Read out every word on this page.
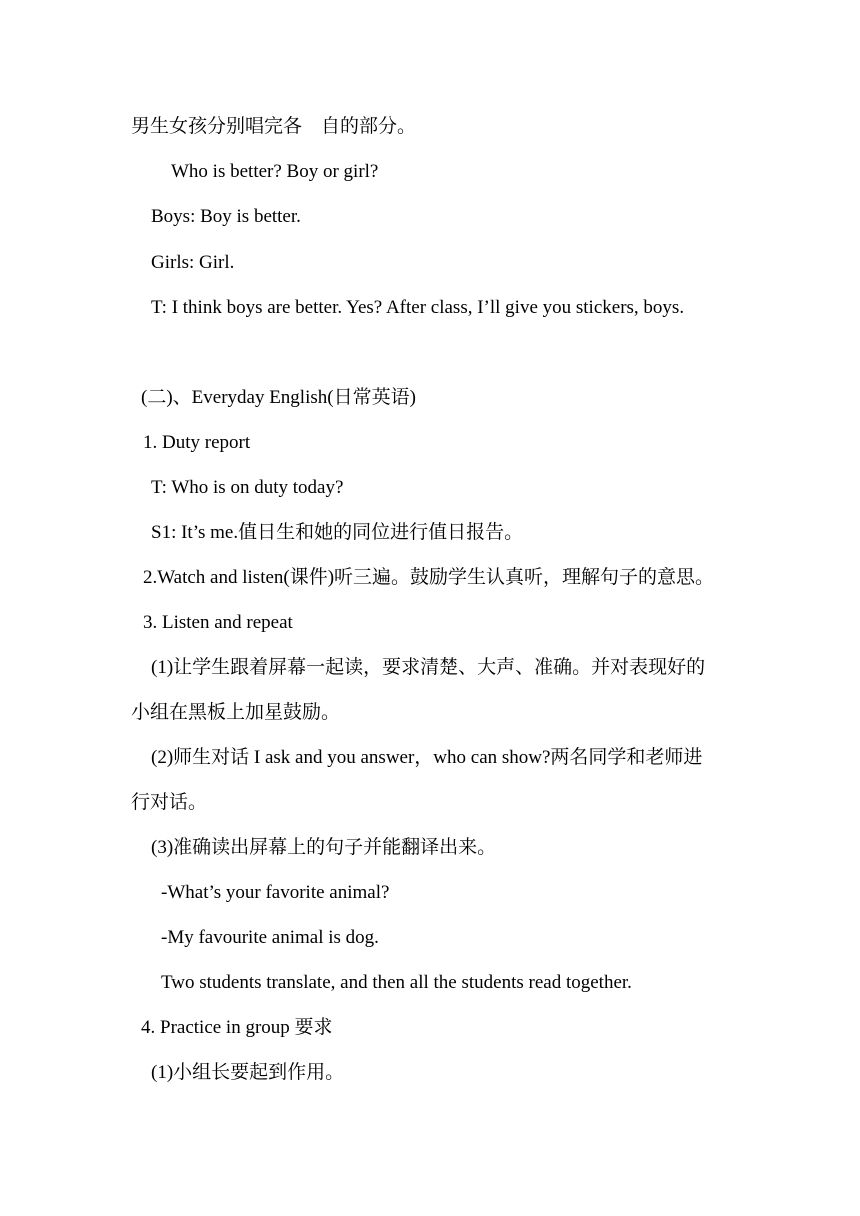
男生女孩分别唱完各　自的部分。
Who is better? Boy or girl?
Boys: Boy is better.
Girls: Girl.
T: I think boys are better. Yes? After class, I’ll give you stickers, boys.
(二)、Everyday English(日常英语)
1. Duty report
T: Who is on duty today?
S1: It’s me.值日生和她的同位进行值日报告。
2.Watch and listen(课件)听三遍。鼓励学生认真听，理解句子的意思。
3. Listen and repeat
(1)让学生跟着屏幕一起读，要求清楚、大声、准确。并对表现好的
小组在黑板上加星鼓励。
(2)师生对话 I ask and you answer，who can show?两名同学和老师进
行对话。
(3)准确读出屏幕上的句子并能翻译出来。
-What’s your favorite animal?
-My favourite animal is dog.
Two students translate, and then all the students read together.
4. Practice in group 要求
(1)小组长要起到作用。
